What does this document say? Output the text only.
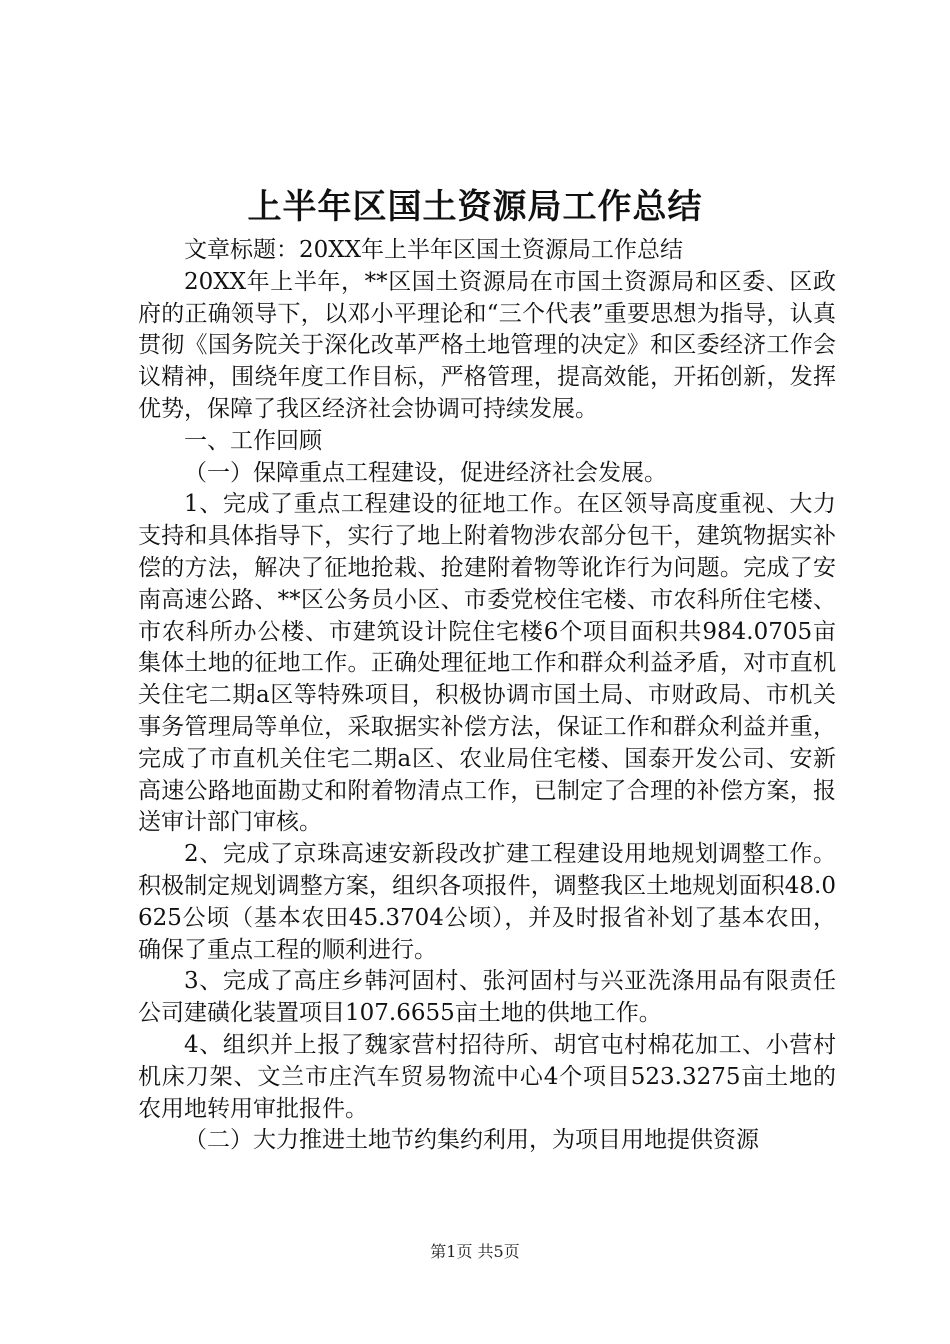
上半年区国土资源局工作总结

文章标题：20XX年上半年区国土资源局工作总结

20XX年上半年，**区国土资源局在市国土资源局和区委、区政府的正确领导下，以邓小平理论和“三个代表”重要思想为指导，认真贯彻《国务院关于深化改革严格土地管理的决定》和区委经济工作会议精神，围绕年度工作目标，严格管理，提高效能，开拓创新，发挥优势，保障了我区经济社会协调可持续发展。

一、工作回顾

（一）保障重点工程建设，促进经济社会发展。

1、完成了重点工程建设的征地工作。在区领导高度重视、大力支持和具体指导下，实行了地上附着物涉农部分包干，建筑物据实补偿的方法，解决了征地抢栽、抢建附着物等讹诈行为问题。完成了安南高速公路、**区公务员小区、市委党校住宅楼、市农科所住宅楼、市农科所办公楼、市建筑设计院住宅楼6个项目面积共984.0705亩集体土地的征地工作。正确处理征地工作和群众利益矛盾，对市直机关住宅二期a区等特殊项目，积极协调市国土局、市财政局、市机关事务管理局等单位，采取据实补偿方法，保证工作和群众利益并重，完成了市直机关住宅二期a区、农业局住宅楼、国泰开发公司、安新高速公路地面勘丈和附着物清点工作，已制定了合理的补偿方案，报送审计部门审核。

2、完成了京珠高速安新段改扩建工程建设用地规划调整工作。积极制定规划调整方案，组织各项报件，调整我区土地规划面积48.0625公顷（基本农田45.3704公顷），并及时报省补划了基本农田，确保了重点工程的顺利进行。

3、完成了高庄乡韩河固村、张河固村与兴亚洗涤用品有限责任公司建磺化装置项目107.6655亩土地的供地工作。

4、组织并上报了魏家营村招待所、胡官屯村棉花加工、小营村机床刀架、文兰市庄汽车贸易物流中心4个项目523.3275亩土地的农用地转用审批报件。

（二）大力推进土地节约集约利用，为项目用地提供资源

第1页 共5页
